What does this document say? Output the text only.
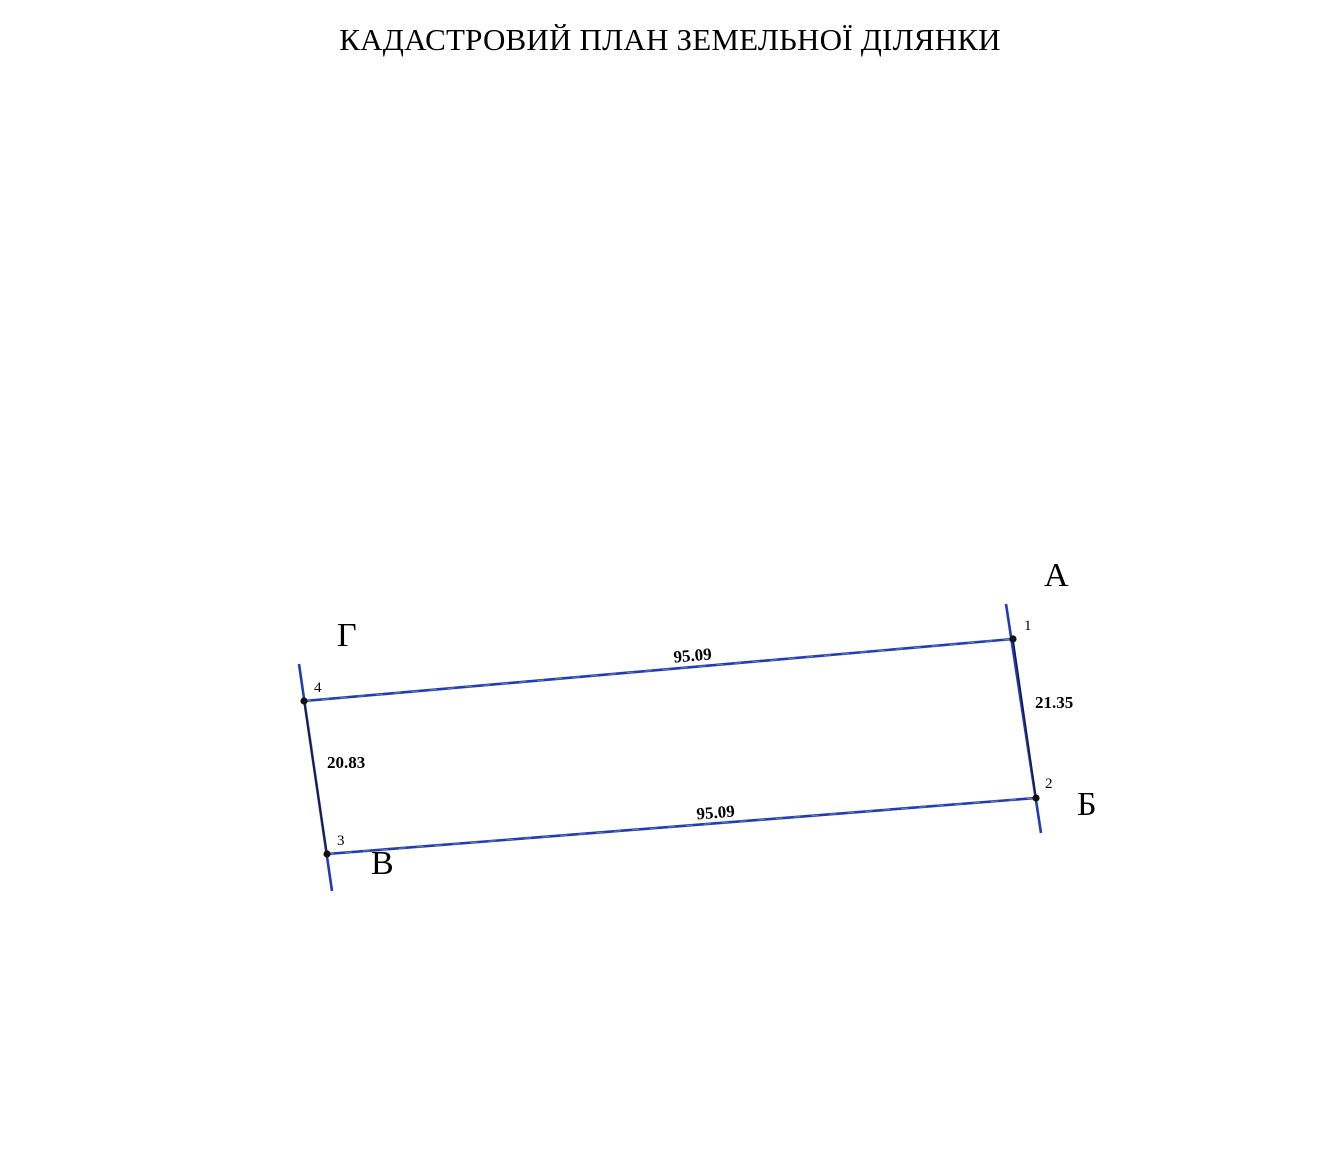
КАДАСТРОВИЙ ПЛАН ЗЕМЕЛЬНОЇ ДІЛЯНКИ
1
2
3
4
А
Б
В
Г
95.09
95.09
21.35
20.83
